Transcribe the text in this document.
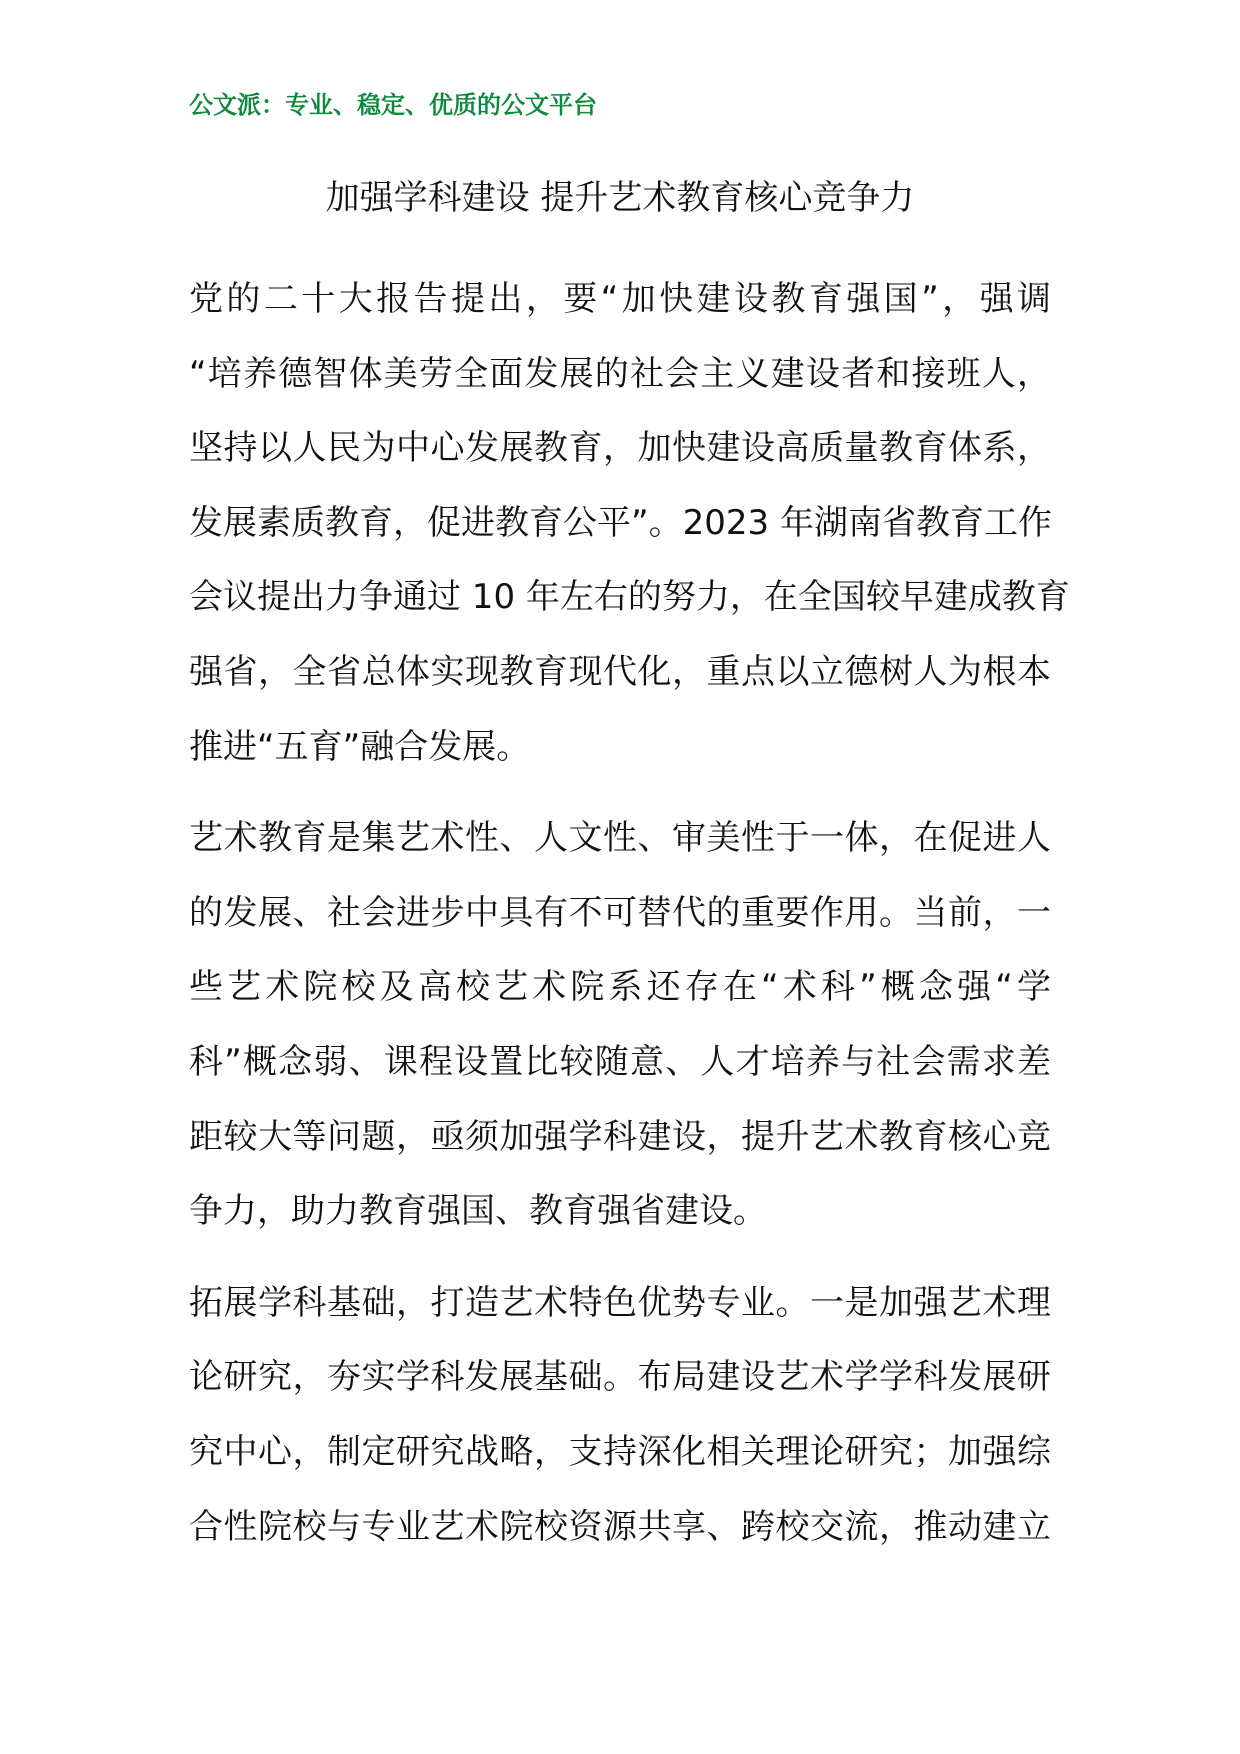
公文派：专业、稳定、优质的公文平台
加强学科建设 提升艺术教育核心竞争力

党的二十大报告提出，要“加快建设教育强国”，强调
“培养德智体美劳全面发展的社会主义建设者和接班人，
坚持以人民为中心发展教育，加快建设高质量教育体系，
发展素质教育，促进教育公平”。2023 年湖南省教育工作
会议提出力争通过 10 年左右的努力，在全国较早建成教育
强省，全省总体实现教育现代化，重点以立德树人为根本
推进“五育”融合发展。

艺术教育是集艺术性、人文性、审美性于一体，在促进人
的发展、社会进步中具有不可替代的重要作用。当前，一
些艺术院校及高校艺术院系还存在“术科”概念强“学
科”概念弱、课程设置比较随意、人才培养与社会需求差
距较大等问题，亟须加强学科建设，提升艺术教育核心竞
争力，助力教育强国、教育强省建设。

拓展学科基础，打造艺术特色优势专业。一是加强艺术理
论研究，夯实学科发展基础。布局建设艺术学学科发展研
究中心，制定研究战略，支持深化相关理论研究；加强综
合性院校与专业艺术院校资源共享、跨校交流，推动建立
